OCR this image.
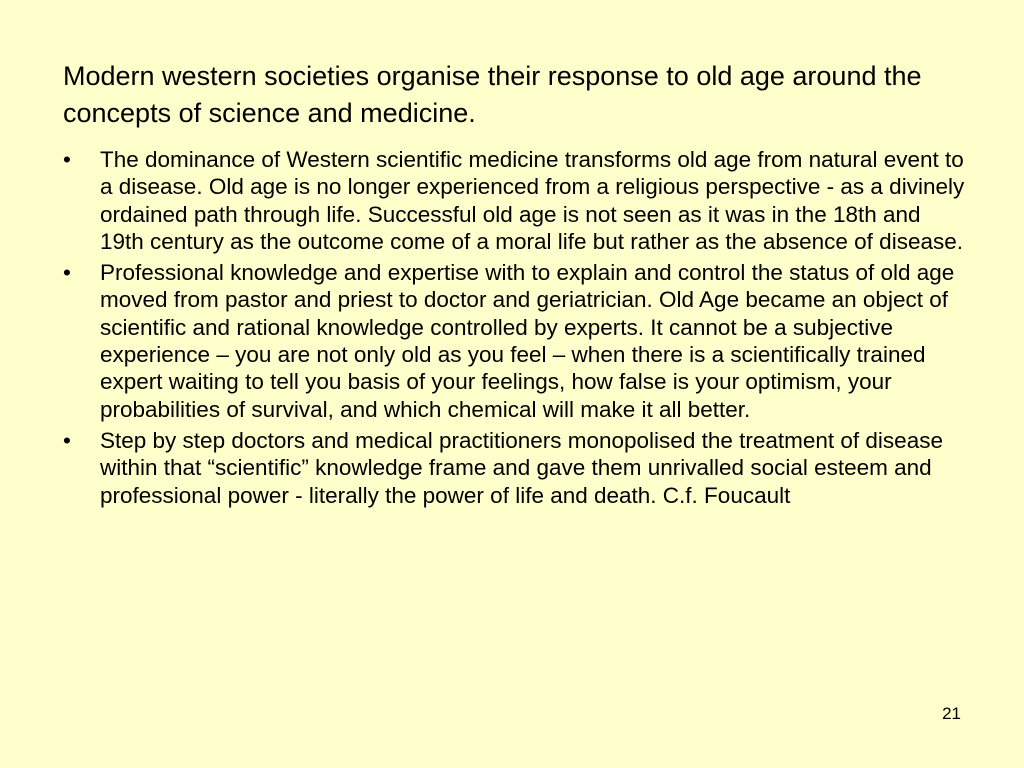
Modern western societies organise their response to old age around the concepts of science and medicine.
•	The dominance of Western scientific medicine transforms old age from natural event to a disease. Old age is no longer experienced from a religious perspective - as a divinely ordained path through life. Successful old age is not seen as it was in the 18th and 19th century as the outcome come of a moral life but rather as the absence of disease.
•	Professional knowledge and expertise with to explain and control the status of old age moved from pastor and priest to doctor and geriatrician. Old Age became an object of scientific and rational knowledge controlled by experts. It cannot be a subjective experience – you are not only old as you feel – when there is a scientifically trained expert waiting to tell you basis of your feelings, how false is your optimism, your probabilities of survival, and which chemical will make it all better.
•	Step by step doctors and medical practitioners monopolised the treatment of disease within that “scientific” knowledge frame and gave them unrivalled social esteem and professional power - literally the power of life and death. C.f. Foucault
21
